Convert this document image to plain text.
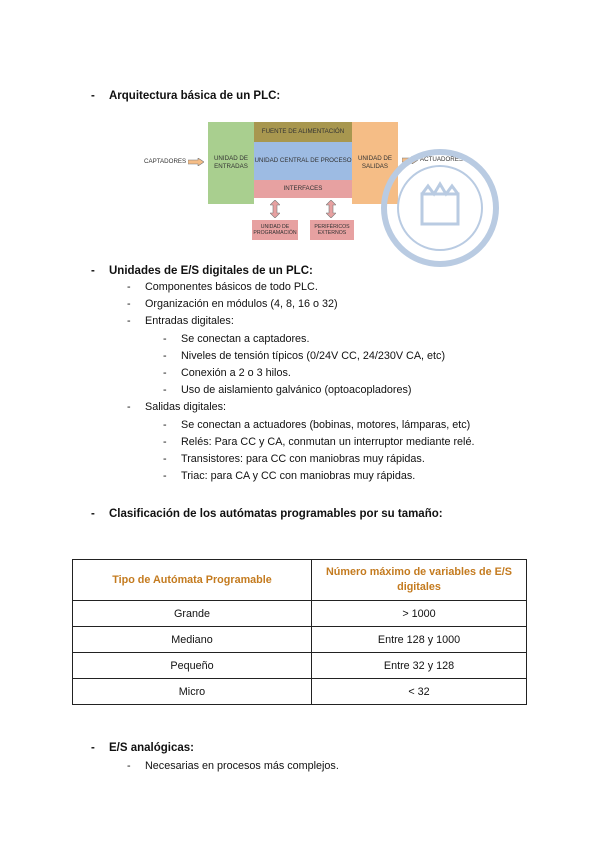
-	Arquitectura básica de un PLC:
CAPTADORES	UNIDAD DE ENTRADAS
FUENTE DE ALIMENTACIÓN
UNIDAD CENTRAL DE PROCESO
INTERFACES
UNIDAD DE SALIDAS
ACTUADORES
UNIDAD DE PROGRAMACIÓN
PERIFÉRICOS EXTERNOS
-	Unidades de E/S digitales de un PLC:
-	Componentes básicos de todo PLC.
-	Organización en módulos (4, 8, 16 o 32)
-	Entradas digitales:
-	Se conectan a captadores.
-	Niveles de tensión típicos (0/24V CC, 24/230V CA, etc)
-	Conexión a 2 o 3 hilos.
-	Uso de aislamiento galvánico (optoacopladores)
-	Salidas digitales:
-	Se conectan a actuadores (bobinas, motores, lámparas, etc)
-	Relés: Para CC y CA, conmutan un interruptor mediante relé.
-	Transistores: para CC con maniobras muy rápidas.
-	Triac: para CA y CC con maniobras muy rápidas.
-	Clasificación de los autómatas programables por su tamaño:
Tipo de Autómata Programable	Número máximo de variables de E/S digitales
Grande	> 1000
Mediano	Entre 128 y 1000
Pequeño	Entre 32 y 128
Micro	< 32
-	E/S analógicas:
-	Necesarias en procesos más complejos.
